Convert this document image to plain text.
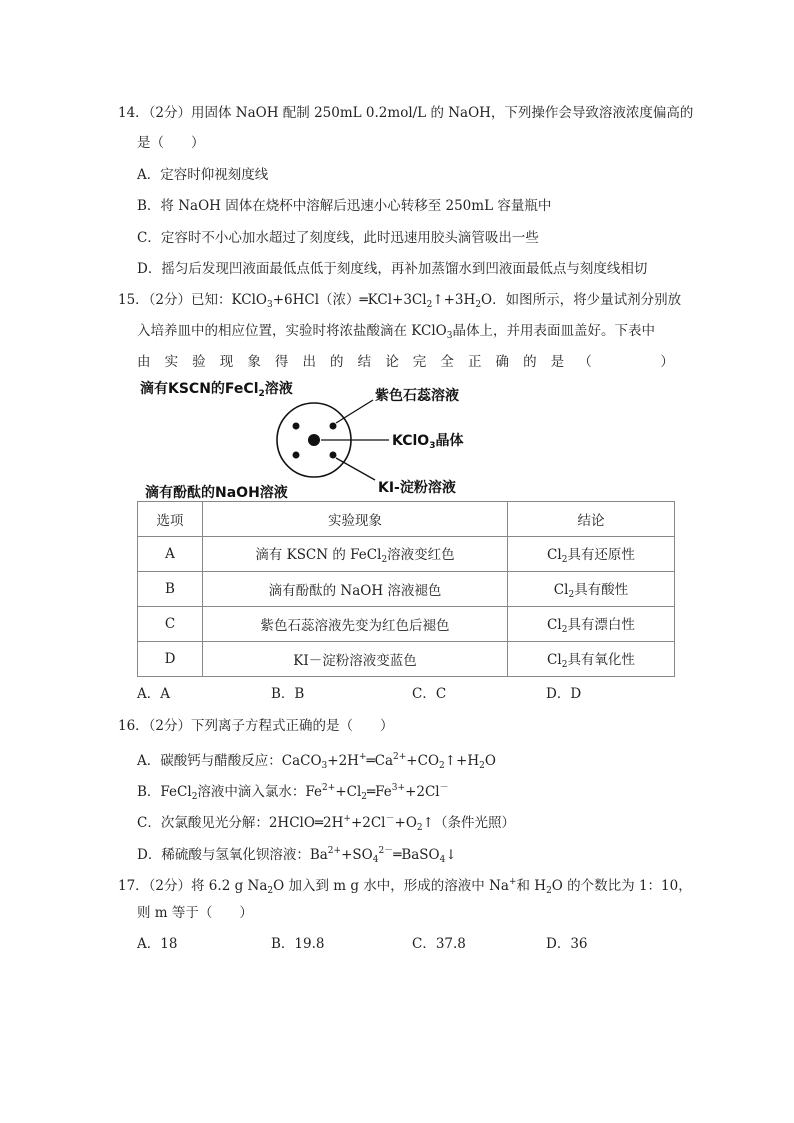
14．（2分）用固体 NaOH 配制 250mL 0.2mol/L 的 NaOH，下列操作会导致溶液浓度偏高的
是（　　）
A．定容时仰视刻度线
B．将 NaOH 固体在烧杯中溶解后迅速小心转移至 250mL 容量瓶中
C．定容时不小心加水超过了刻度线，此时迅速用胶头滴管吸出一些
D．摇匀后发现凹液面最低点低于刻度线，再补加蒸馏水到凹液面最低点与刻度线相切
15．（2分）已知：KClO$_3$+6HCl（浓）$═KCl+3Cl_2↑+3H_2O$．如图所示，将少量试剂分别放
入培养皿中的相应位置，实验时将浓盐酸滴在 KClO$_3$晶体上，并用表面皿盖好。下表中
由 实 验 现 象 得 出 的 结 论 完 全 正 确 的 是 （
　　　	）
滴有KSCN的FeCl$_2$溶液	紫色石蕊溶液
KClO$_3$晶体
滴有酚酞的NaOH溶液	KI-淀粉溶液
选项	实验现象	结论
A	滴有 KSCN 的 FeCl$_2$溶液变红色	$Cl_2$具有还原性
B	滴有酚酞的 NaOH 溶液褪色	$Cl_2$具有酸性
C	紫色石蕊溶液先变为红色后褪色	$Cl_2$具有漂白性
D	KI－淀粉溶液变蓝色	$Cl_2$具有氧化性
A．A	B．B	C．C	D．D
16．（2分）下列离子方程式正确的是（　　）
A．碳酸钙与醋酸反应：$CaCO_3+2H^+═Ca^{2+}+CO_2↑+H_2O$
B．FeCl$_2$溶液中滴入氯水：$Fe^{2+}+Cl_2═Fe^{3+}+2Cl^-$
C．次氯酸见光分解：$2HClO═2H^++2Cl^-+O_2↑$（条件光照）
D．稀硫酸与氢氧化钡溶液：$Ba^{2+}+SO_4^{2-}═BaSO_4↓$
17．（2分）将 6.2 g $Na_2O$ 加入到 m g 水中，形成的溶液中 Na+和 $H_2O$ 的个数比为 1：10，
则 m 等于（　　）
A．18	B．19.8	C．37.8	D．36
